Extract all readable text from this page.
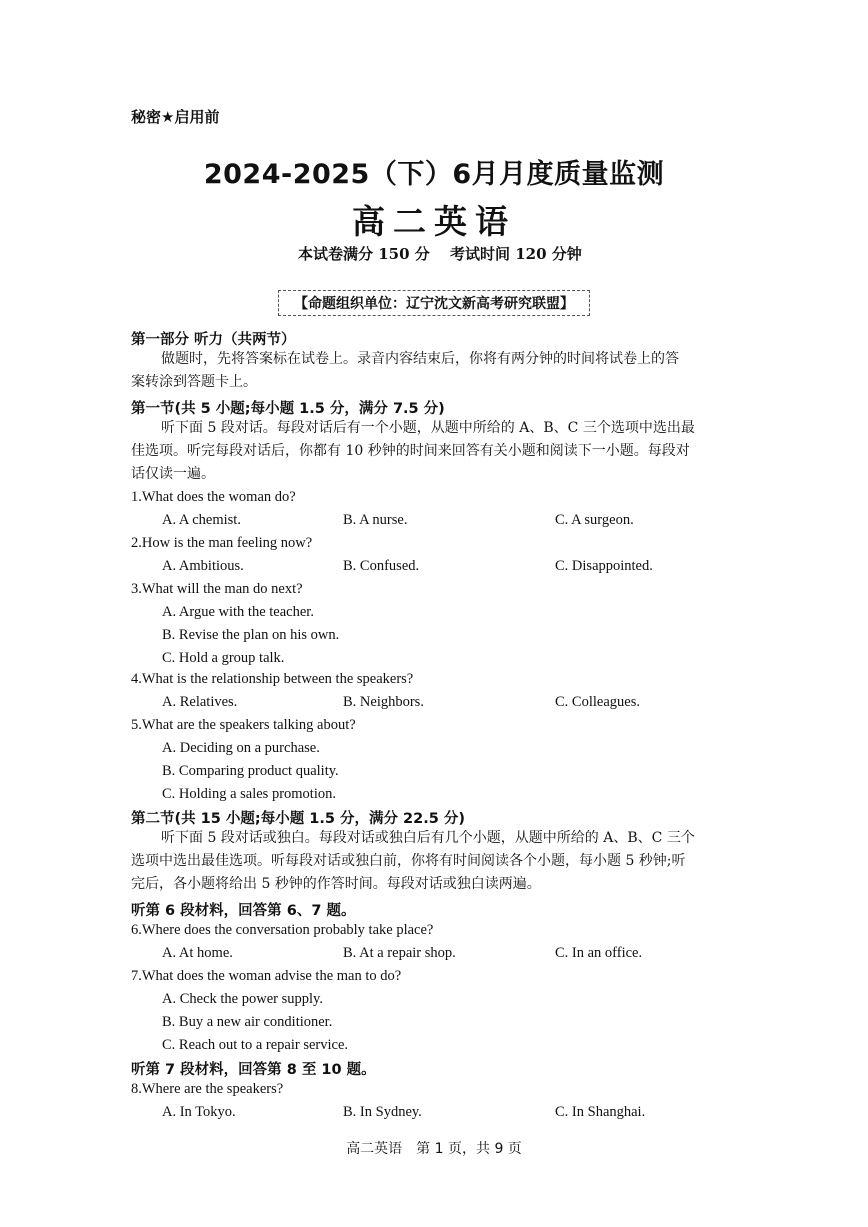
秘密★启用前
2024-2025（下）6月月度质量监测
高二英语
本试卷满分 150 分 考试时间 120 分钟
【命题组织单位：辽宁沈文新高考研究联盟】
第一部分 听力（共两节）
做题时，先将答案标在试卷上。录音内容结束后，你将有两分钟的时间将试卷上的答
案转涂到答题卡上。
第一节(共 5 小题;每小题 1.5 分，满分 7.5 分)
听下面 5 段对话。每段对话后有一个小题，从题中所给的 A、B、C 三个选项中选出最
佳选项。听完每段对话后，你都有 10 秒钟的时间来回答有关小题和阅读下一小题。每段对
话仅读一遍。
1.What does the woman do?
A. A chemist.	B. A nurse.	C. A surgeon.
2.How is the man feeling now?
A. Ambitious.	B. Confused.	C. Disappointed.
3.What will the man do next?
A. Argue with the teacher.
B. Revise the plan on his own.
C. Hold a group talk.
4.What is the relationship between the speakers?
A. Relatives.	B. Neighbors.	C. Colleagues.
5.What are the speakers talking about?
A. Deciding on a purchase.
B. Comparing product quality.
C. Holding a sales promotion.
第二节(共 15 小题;每小题 1.5 分，满分 22.5 分)
听下面 5 段对话或独白。每段对话或独白后有几个小题，从题中所给的 A、B、C 三个
选项中选出最佳选项。听每段对话或独白前，你将有时间阅读各个小题，每小题 5 秒钟;听
完后，各小题将给出 5 秒钟的作答时间。每段对话或独白读两遍。
听第 6 段材料，回答第 6、7 题。
6.Where does the conversation probably take place?
A. At home.	B. At a repair shop.	C. In an office.
7.What does the woman advise the man to do?
A. Check the power supply.
B. Buy a new air conditioner.
C. Reach out to a repair service.
听第 7 段材料，回答第 8 至 10 题。
8.Where are the speakers?
A. In Tokyo.	B. In Sydney.	C. In Shanghai.
高二英语　第 1 页，共 9 页
